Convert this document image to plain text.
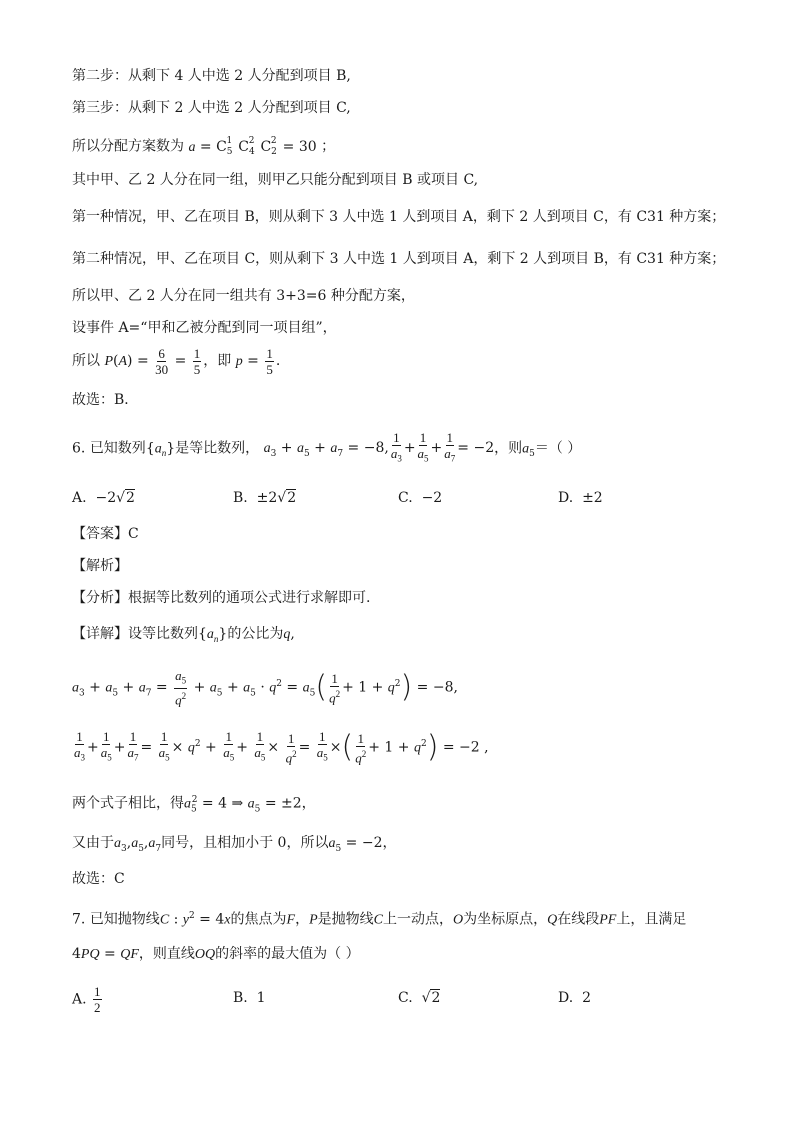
第二步：从剩下 4 人中选 2 人分配到项目 B,
第三步：从剩下 2 人中选 2 人分配到项目 C,
所以分配方案数为 $a = C_5^1$ $C_4^2$ $C_2^2 = 30$ ；
其中甲、乙 2 人分在同一组，则甲乙只能分配到项目 B 或项目 C,
第一种情况，甲、乙在项目 B，则从剩下 3 人中选 1 人到项目 A，剩下 2 人到项目 C，有 C31 种方案；
第二种情况，甲、乙在项目 C，则从剩下 3 人中选 1 人到项目 A，剩下 2 人到项目 B，有 C31 种方案；
所以甲、乙 2 人分在同一组共有 3+3=6 种分配方案，
设事件 A=“甲和乙被分配到同一项目组”，
所以 $P(A) = \frac{6}{30} = \frac{1}{5}$ ，即 $p = \frac{1}{5}$ .
故选：B．
6. 已知数列$\{a_n\}$是等比数列， $a_3 + a_5 + a_7 = -8$, $\frac{1}{a_3} + \frac{1}{a_5} + \frac{1}{a_7} = -2$，则$a_5=$（ ）
A.  −2√2	B.  ±2√2	C.  −2	D.  ±2
【答案】C
【解析】
【分析】根据等比数列的通项公式进行求解即可.
【详解】设等比数列$\{a_n\}$的公比为q,
$a_3 + a_5 + a_7 = \frac{a_5}{q^2} + a_5 + a_5 \cdot q^2 = a_5( \frac{1}{q^2} + 1 + q^2) = -8$,
$\frac{1}{a_3} + \frac{1}{a_5} + \frac{1}{a_7} = \frac{1}{a_5} \times q^2 + \frac{1}{a_5} + \frac{1}{a_5} \times \frac{1}{q^2} = \frac{1}{a_5}$ ×( $\frac{1}{q^2} + 1 + q^2) = -2$ ,
两个式子相比，得$a_5^2 = 4$ ⇒ $a_5 = \pm 2$，
又由于$a_3,a_5,a_7$同号，且相加小于 0，所以$a_5 = -2$，
故选：C
7. 已知抛物线C : $y^2 = 4x$的焦点为F，P是抛物线C上一动点，O为坐标原点，Q在线段PF上，且满足
4PQ = QF，则直线OQ的斜率的最大值为（ ）
A. $\frac{1}{2}$	B.  1	C.  √2	D.  2
